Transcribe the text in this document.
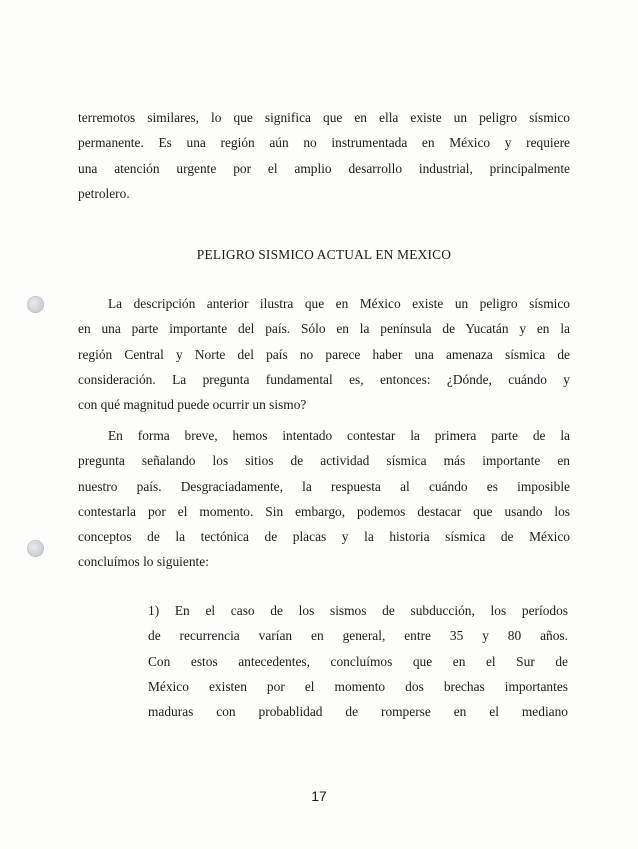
terremotos similares, lo que significa que en ella existe un peligro sísmico
permanente. Es una región aún no instrumentada en México y requiere
una atención urgente por el amplio desarrollo industrial, principalmente
petrolero.
PELIGRO SISMICO ACTUAL EN MEXICO
La descripción anterior ilustra que en México existe un peligro sísmico
en una parte importante del país. Sólo en la península de Yucatán y en la
región Central y Norte del país no parece haber una amenaza sísmica de
consideración. La pregunta fundamental es, entonces: ¿Dónde, cuándo y
con qué magnitud puede ocurrir un sismo?
En forma breve, hemos intentado contestar la primera parte de la
pregunta señalando los sitios de actividad sísmica más importante en
nuestro país. Desgraciadamente, la respuesta al cuándo es imposible
contestarla por el momento. Sin embargo, podemos destacar que usando los
conceptos de la tectónica de placas y la historia sísmica de México
concluímos lo siguiente:
1) En el caso de los sismos de subducción, los períodos
de recurrencia varían en general, entre 35 y 80 años.
Con estos antecedentes, concluímos que en el Sur de
México existen por el momento dos brechas importantes
maduras con probablidad de romperse en el mediano
17
